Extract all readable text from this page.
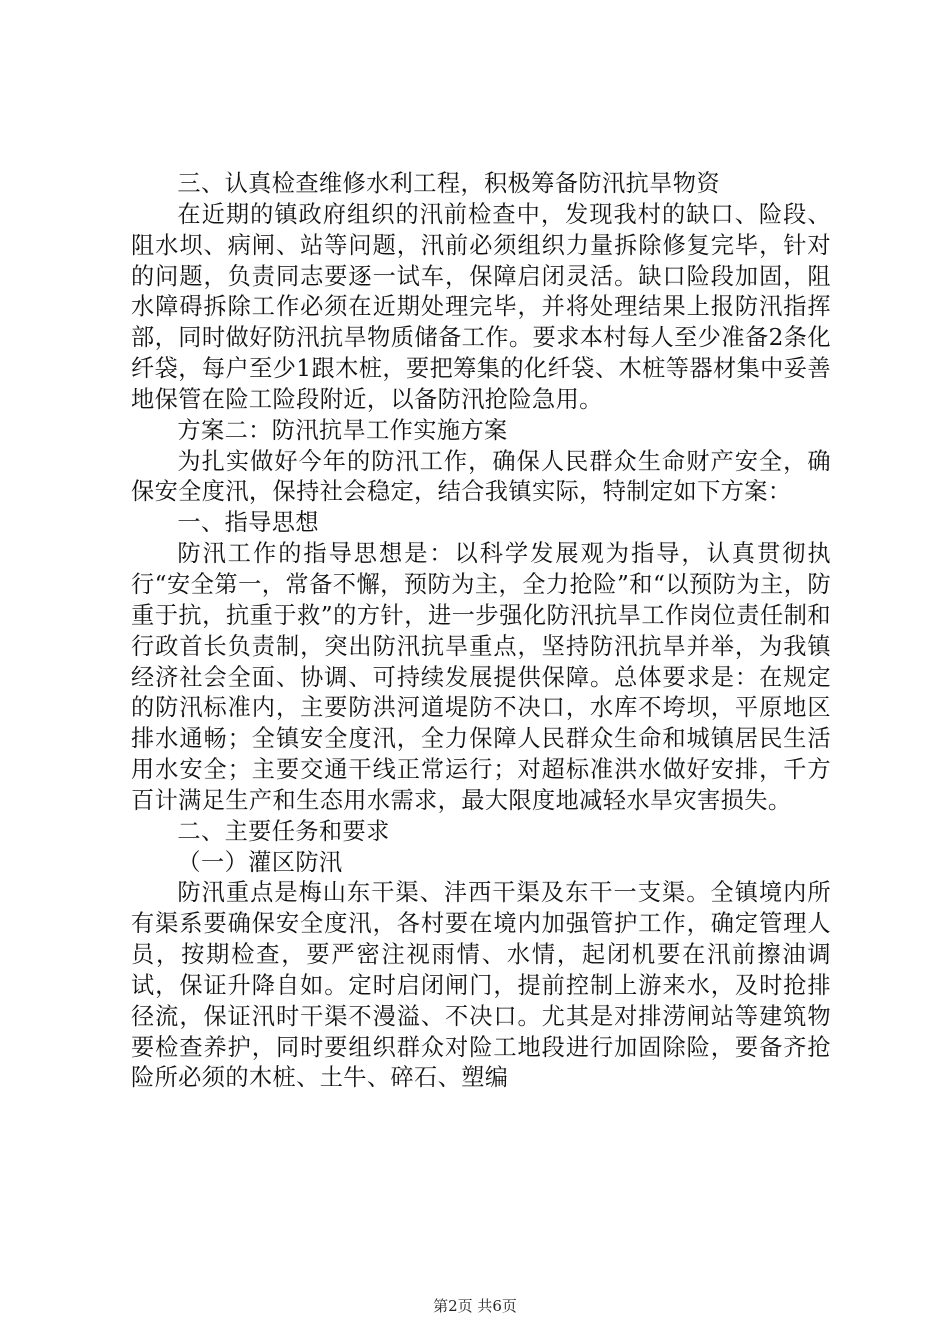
三、认真检查维修水利工程，积极筹备防汛抗旱物资

在近期的镇政府组织的汛前检查中，发现我村的缺口、险段、阻水坝、病闸、站等问题，汛前必须组织力量拆除修复完毕，针对的问题，负责同志要逐一试车，保障启闭灵活。缺口险段加固，阻水障碍拆除工作必须在近期处理完毕，并将处理结果上报防汛指挥部，同时做好防汛抗旱物质储备工作。要求本村每人至少准备2条化纤袋，每户至少1跟木桩，要把筹集的化纤袋、木桩等器材集中妥善地保管在险工险段附近，以备防汛抢险急用。

方案二：防汛抗旱工作实施方案

为扎实做好今年的防汛工作，确保人民群众生命财产安全，确保安全度汛，保持社会稳定，结合我镇实际，特制定如下方案：

一、指导思想

防汛工作的指导思想是：以科学发展观为指导，认真贯彻执行“安全第一，常备不懈，预防为主，全力抢险”和“以预防为主，防重于抗，抗重于救”的方针，进一步强化防汛抗旱工作岗位责任制和行政首长负责制，突出防汛抗旱重点，坚持防汛抗旱并举，为我镇经济社会全面、协调、可持续发展提供保障。总体要求是：在规定的防汛标准内，主要防洪河道堤防不决口，水库不垮坝，平原地区排水通畅；全镇安全度汛，全力保障人民群众生命和城镇居民生活用水安全；主要交通干线正常运行；对超标准洪水做好安排，千方百计满足生产和生态用水需求，最大限度地减轻水旱灾害损失。

二、主要任务和要求

（一）灌区防汛

防汛重点是梅山东干渠、沣西干渠及东干一支渠。全镇境内所有渠系要确保安全度汛，各村要在境内加强管护工作，确定管理人员，按期检查，要严密注视雨情、水情，起闭机要在汛前擦油调试，保证升降自如。定时启闭闸门，提前控制上游来水，及时抢排径流，保证汛时干渠不漫溢、不决口。尤其是对排涝闸站等建筑物要检查养护，同时要组织群众对险工地段进行加固除险，要备齐抢险所必须的木桩、土牛、碎石、塑编

第2页 共6页
